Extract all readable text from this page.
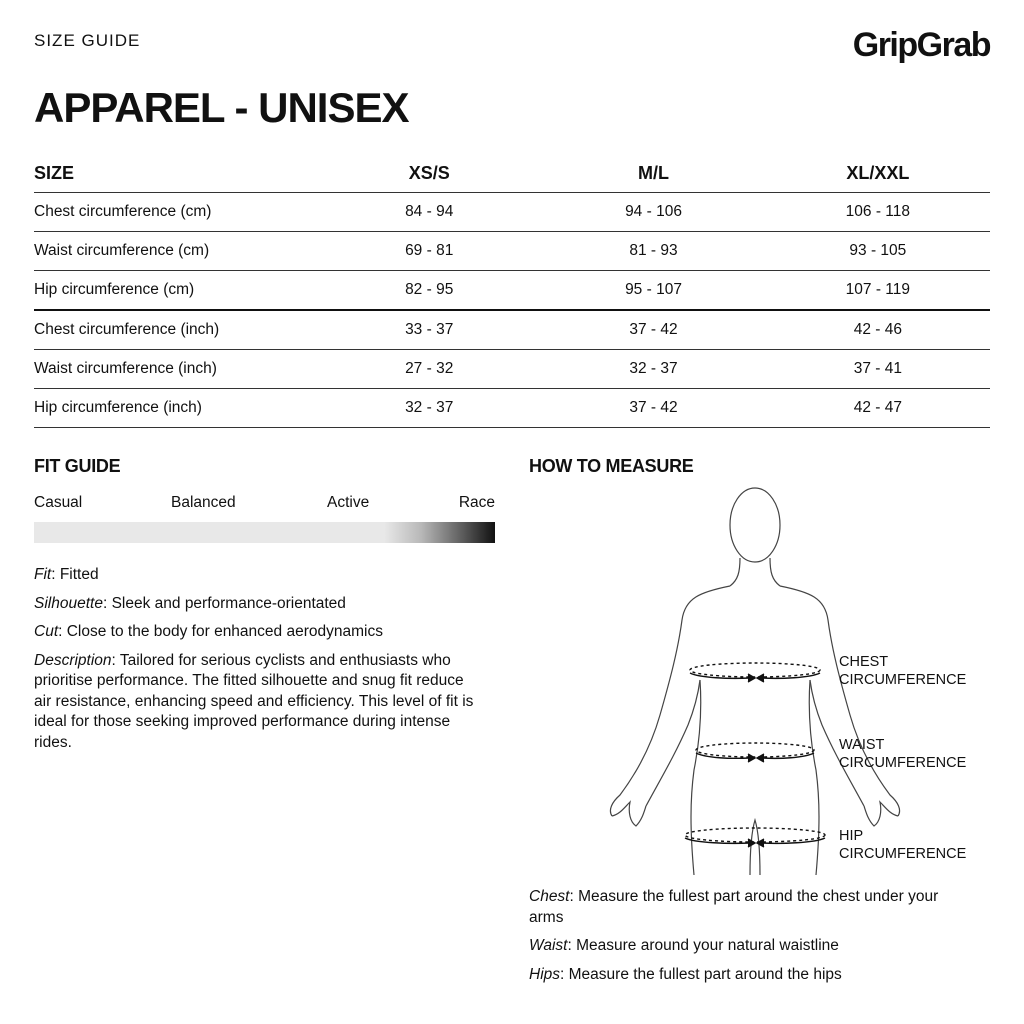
SIZE GUIDE	GripGrab
APPAREL - UNISEX
SIZE	XS/S	M/L	XL/XXL
Chest circumference (cm)	84 - 94	94 - 106	106 - 118
Waist circumference (cm)	69 - 81	81 - 93	93 - 105
Hip circumference (cm)	82 - 95	95 - 107	107 - 119
Chest circumference (inch)	33 - 37	37 - 42	42 - 46
Waist circumference (inch)	27 - 32	32 - 37	37 - 41
Hip circumference (inch)	32 - 37	37 - 42	42 - 47
FIT GUIDE
Casual	Balanced	Active	Race

Fit: Fitted

Silhouette: Sleek and performance-orientated

Cut: Close to the body for enhanced aerodynamics

Description: Tailored for serious cyclists and enthusiasts who prioritise performance. The fitted silhouette and snug fit reduce air resistance, enhancing speed and efficiency. This level of fit is ideal for those seeking improved performance during intense rides.

HOW TO MEASURE
CHEST
CIRCUMFERENCE
WAIST
CIRCUMFERENCE
HIP
CIRCUMFERENCE

Chest: Measure the fullest part around the chest under your arms

Waist: Measure around your natural waistline

Hips: Measure the fullest part around the hips
